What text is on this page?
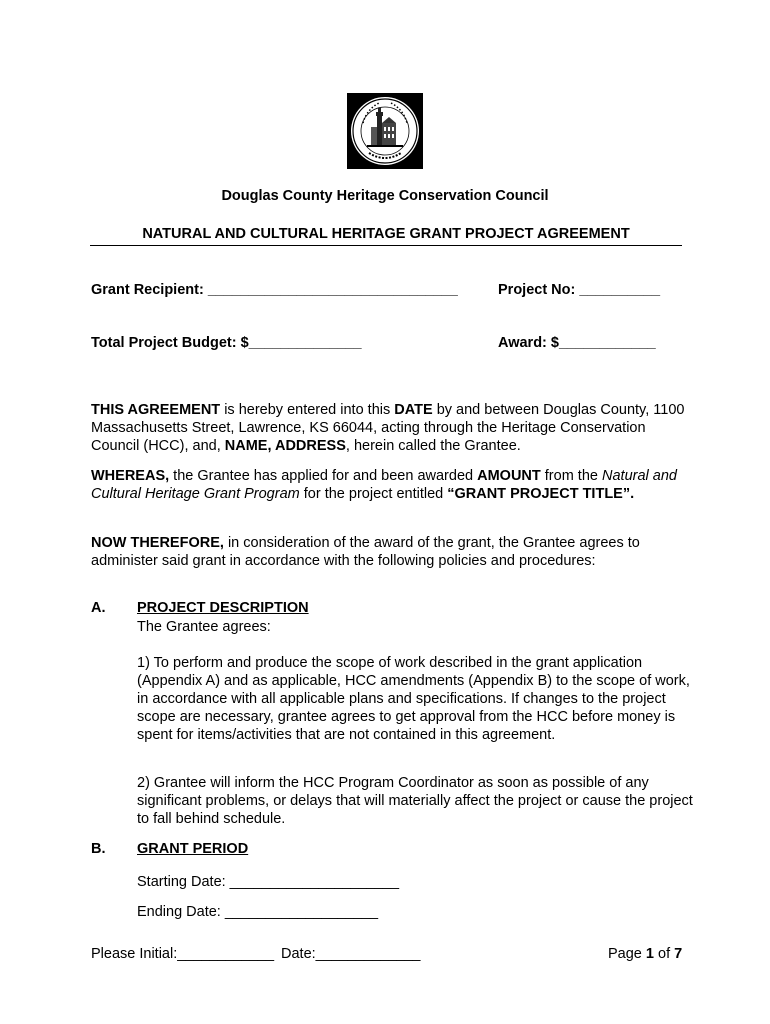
Douglas County Heritage Conservation Council
NATURAL AND CULTURAL HERITAGE GRANT PROJECT AGREEMENT
Grant Recipient: _______________________________	Project No: __________
Total Project Budget: $______________	Award: $____________
THIS AGREEMENT is hereby entered into this DATE by and between Douglas County, 1100 Massachusetts Street, Lawrence, KS 66044, acting through the Heritage Conservation Council (HCC), and, NAME, ADDRESS, herein called the Grantee.
WHEREAS, the Grantee has applied for and been awarded AMOUNT from the Natural and Cultural Heritage Grant Program for the project entitled “GRANT PROJECT TITLE”.
NOW THEREFORE, in consideration of the award of the grant, the Grantee agrees to administer said grant in accordance with the following policies and procedures:
A. PROJECT DESCRIPTION
The Grantee agrees:
1) To perform and produce the scope of work described in the grant application (Appendix A) and as applicable, HCC amendments (Appendix B) to the scope of work, in accordance with all applicable plans and specifications. If changes to the project scope are necessary, grantee agrees to get approval from the HCC before money is spent for items/activities that are not contained in this agreement.
2) Grantee will inform the HCC Program Coordinator as soon as possible of any significant problems, or delays that will materially affect the project or cause the project to fall behind schedule.
B. GRANT PERIOD
Starting Date: _____________________
Ending Date: ___________________
Please Initial:____________ Date:_____________	Page 1 of 7
